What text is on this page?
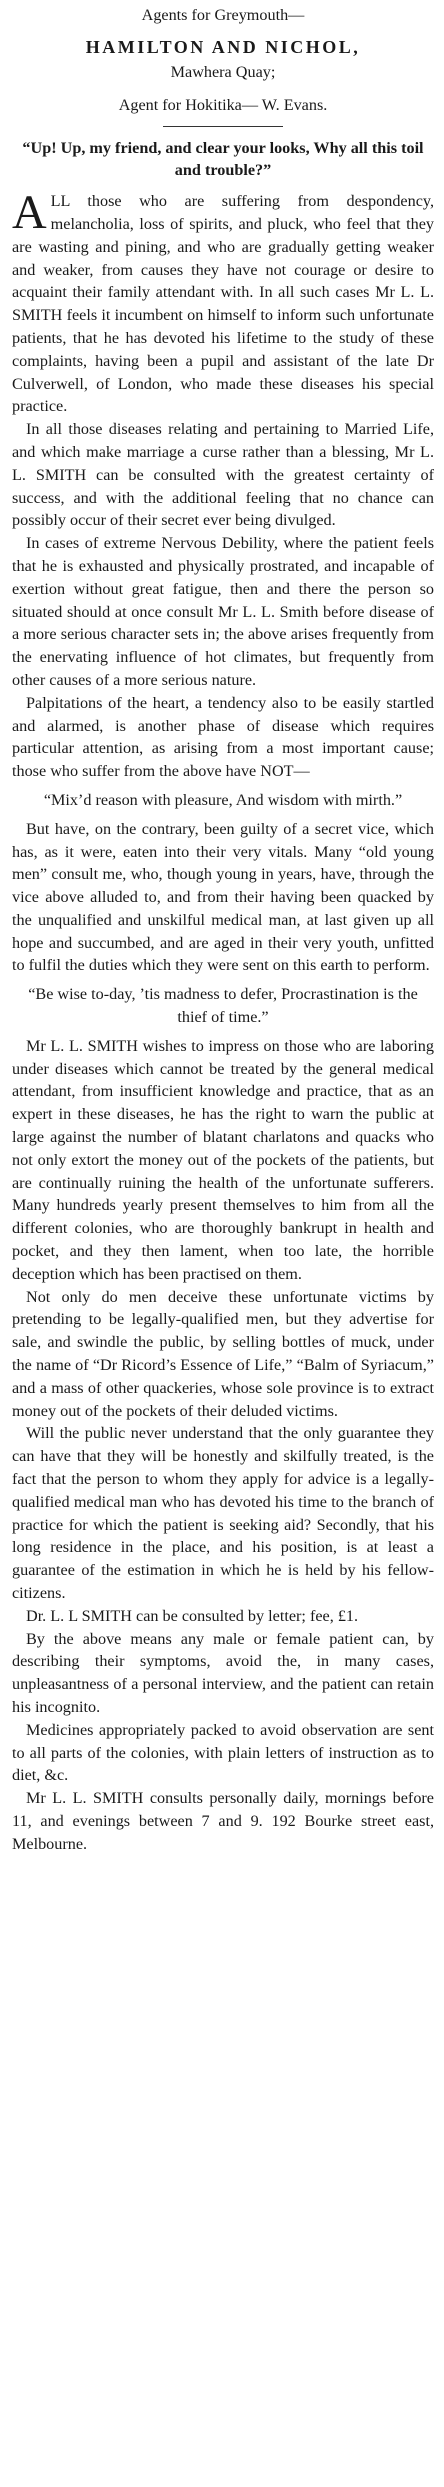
Agents for Greymouth—
HAMILTON AND NICHOL,
Mawhera Quay;
Agent for Hokitika— W. Evans.
“Up! Up, my friend, and clear your looks, Why all this toil and trouble?”

ALL those who are suffering from despondency, melancholia, loss of spirits, and pluck, who feel that they are wasting and pining, and who are gradually getting weaker and weaker, from causes they have not courage or desire to acquaint their family attendant with. In all such cases Mr L. L. SMITH feels it incumbent on himself to inform such unfortunate patients, that he has devoted his lifetime to the study of these complaints, having been a pupil and assistant of the late Dr Culverwell, of London, who made these diseases his special practice.

In all those diseases relating and pertaining to Married Life, and which make marriage a curse rather than a blessing, Mr L. L. SMITH can be consulted with the greatest certainty of success, and with the additional feeling that no chance can possibly occur of their secret ever being divulged.

In cases of extreme Nervous Debility, where the patient feels that he is exhausted and physically prostrated, and incapable of exertion without great fatigue, then and there the person so situated should at once consult Mr L. L. Smith before disease of a more serious character sets in; the above arises frequently from the enervating influence of hot climates, but frequently from other causes of a more serious nature.

Palpitations of the heart, a tendency also to be easily startled and alarmed, is another phase of disease which requires particular attention, as arising from a most important cause; those who suffer from the above have NOT—

“Mix’d reason with pleasure, And wisdom with mirth.”

But have, on the contrary, been guilty of a secret vice, which has, as it were, eaten into their very vitals. Many “old young men” consult me, who, though young in years, have, through the vice above alluded to, and from their having been quacked by the unqualified and unskilful medical man, at last given up all hope and succumbed, and are aged in their very youth, unfitted to fulfil the duties which they were sent on this earth to perform.

“Be wise to-day, ’tis madness to defer, Procrastination is the thief of time.”

Mr L. L. SMITH wishes to impress on those who are laboring under diseases which cannot be treated by the general medical attendant, from insufficient knowledge and practice, that as an expert in these diseases, he has the right to warn the public at large against the number of blatant charlatons and quacks who not only extort the money out of the pockets of the patients, but are continually ruining the health of the unfortunate sufferers. Many hundreds yearly present themselves to him from all the different colonies, who are thoroughly bankrupt in health and pocket, and they then lament, when too late, the horrible deception which has been practised on them.

Not only do men deceive these unfortunate victims by pretending to be legally-qualified men, but they advertise for sale, and swindle the public, by selling bottles of muck, under the name of “Dr Ricord’s Essence of Life,” “Balm of Syriacum,” and a mass of other quackeries, whose sole province is to extract money out of the pockets of their deluded victims.

Will the public never understand that the only guarantee they can have that they will be honestly and skilfully treated, is the fact that the person to whom they apply for advice is a legally-qualified medical man who has devoted his time to the branch of practice for which the patient is seeking aid? Secondly, that his long residence in the place, and his position, is at least a guarantee of the estimation in which he is held by his fellow-citizens.

Dr. L. L SMITH can be consulted by letter; fee, £1.

By the above means any male or female patient can, by describing their symptoms, avoid the, in many cases, unpleasantness of a personal interview, and the patient can retain his incognito.

Medicines appropriately packed to avoid observation are sent to all parts of the colonies, with plain letters of instruction as to diet, &c.

Mr L. L. SMITH consults personally daily, mornings before 11, and evenings between 7 and 9. 192 Bourke street east, Melbourne.
